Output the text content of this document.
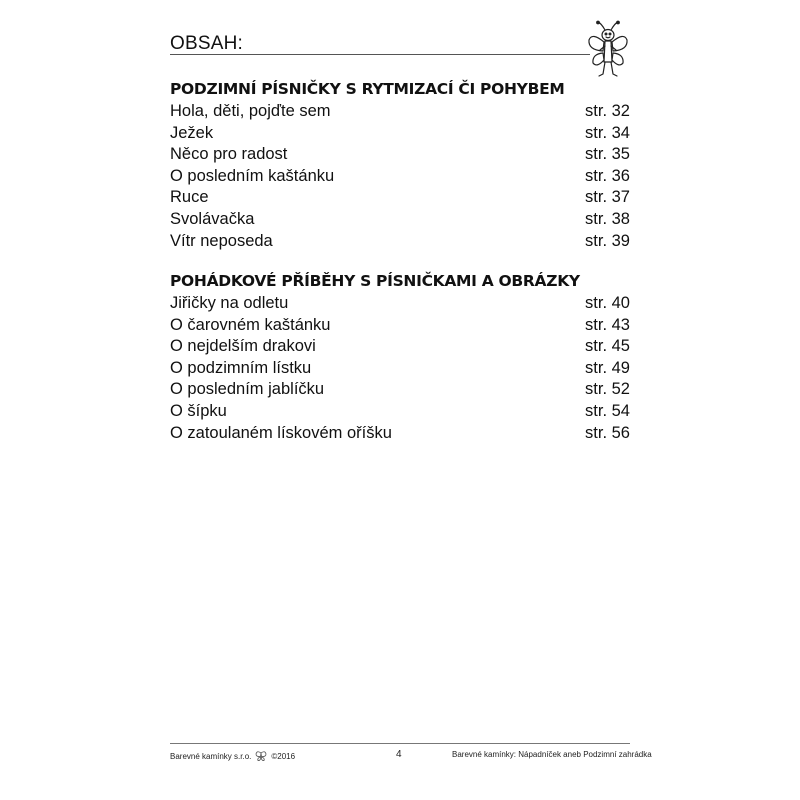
OBSAH:
PODZIMNÍ PÍSNIČKY S RYTMIZACÍ ČI POHYBEM
Hola, děti, pojďte sem	str. 32
Ježek	str. 34
Něco pro radost	str. 35
O posledním kaštánku	str. 36
Ruce	str. 37
Svolávačka	str. 38
Vítr neposeda	str. 39
POHÁDKOVÉ PŘÍBĚHY S PÍSNIČKAMI A OBRÁZKY
Jiřičky na odletu	str. 40
O čarovném kaštánku	str. 43
O nejdelším drakovi	str. 45
O podzimním lístku	str. 49
O posledním jablíčku	str. 52
O šípku	str. 54
O zatoulaném lískovém oříšku	str. 56
Barevné kamínky s.r.o.	©2016	4	Barevné kamínky: Nápadníček aneb Podzimní zahrádka
